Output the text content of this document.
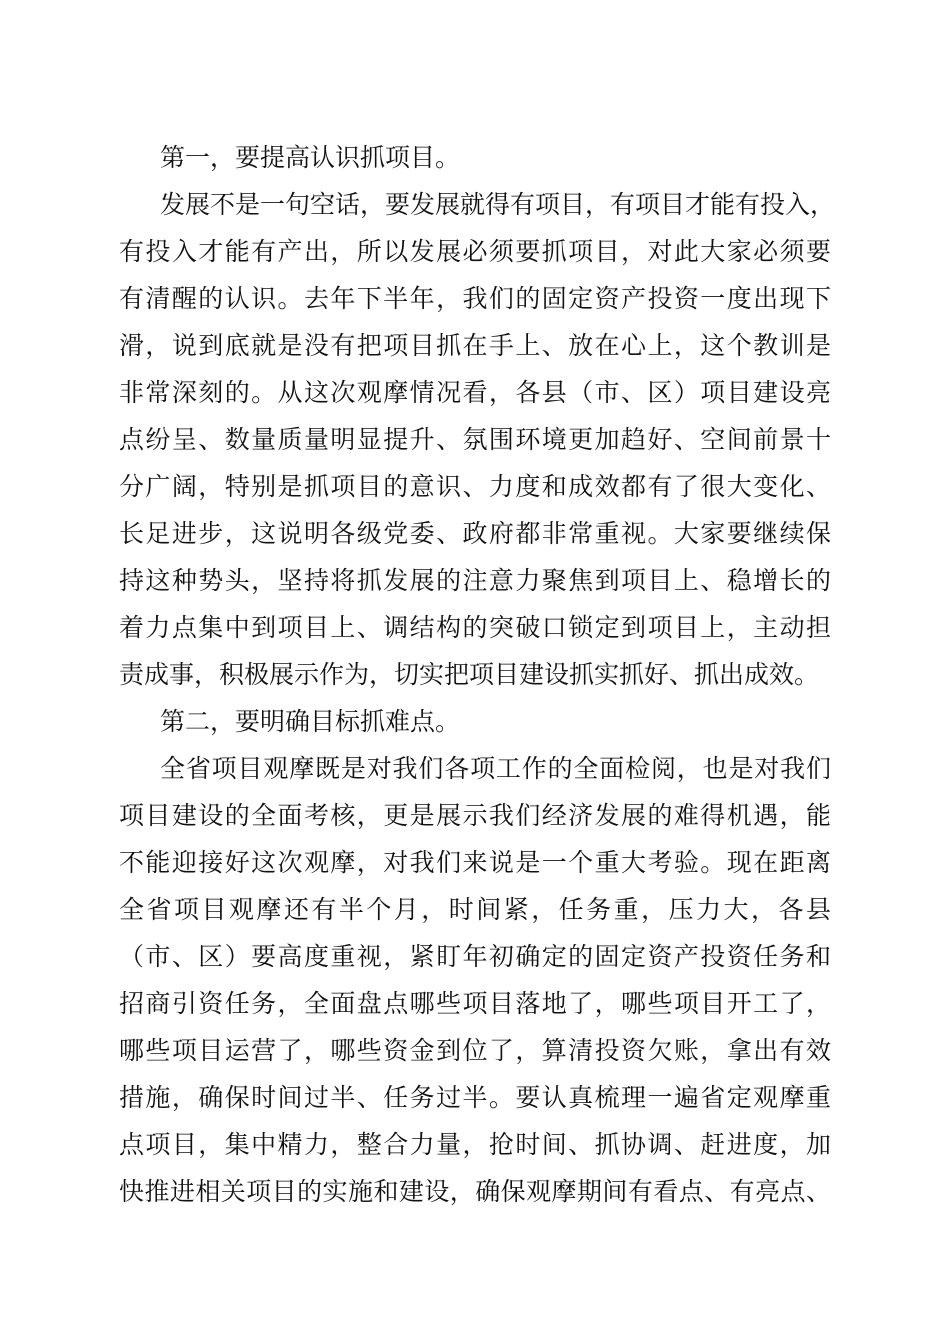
第一，要提高认识抓项目。
发展不是一句空话，要发展就得有项目，有项目才能有投入，
有投入才能有产出，所以发展必须要抓项目，对此大家必须要
有清醒的认识。去年下半年，我们的固定资产投资一度出现下
滑，说到底就是没有把项目抓在手上、放在心上，这个教训是
非常深刻的。从这次观摩情况看，各县（市、区）项目建设亮
点纷呈、数量质量明显提升、氛围环境更加趋好、空间前景十
分广阔，特别是抓项目的意识、力度和成效都有了很大变化、
长足进步，这说明各级党委、政府都非常重视。大家要继续保
持这种势头，坚持将抓发展的注意力聚焦到项目上、稳增长的
着力点集中到项目上、调结构的突破口锁定到项目上，主动担
责成事，积极展示作为，切实把项目建设抓实抓好、抓出成效。
第二，要明确目标抓难点。
全省项目观摩既是对我们各项工作的全面检阅，也是对我们
项目建设的全面考核，更是展示我们经济发展的难得机遇，能
不能迎接好这次观摩，对我们来说是一个重大考验。现在距离
全省项目观摩还有半个月，时间紧，任务重，压力大，各县
（市、区）要高度重视，紧盯年初确定的固定资产投资任务和
招商引资任务，全面盘点哪些项目落地了，哪些项目开工了，
哪些项目运营了，哪些资金到位了，算清投资欠账，拿出有效
措施，确保时间过半、任务过半。要认真梳理一遍省定观摩重
点项目，集中精力，整合力量，抢时间、抓协调、赶进度，加
快推进相关项目的实施和建设，确保观摩期间有看点、有亮点、
